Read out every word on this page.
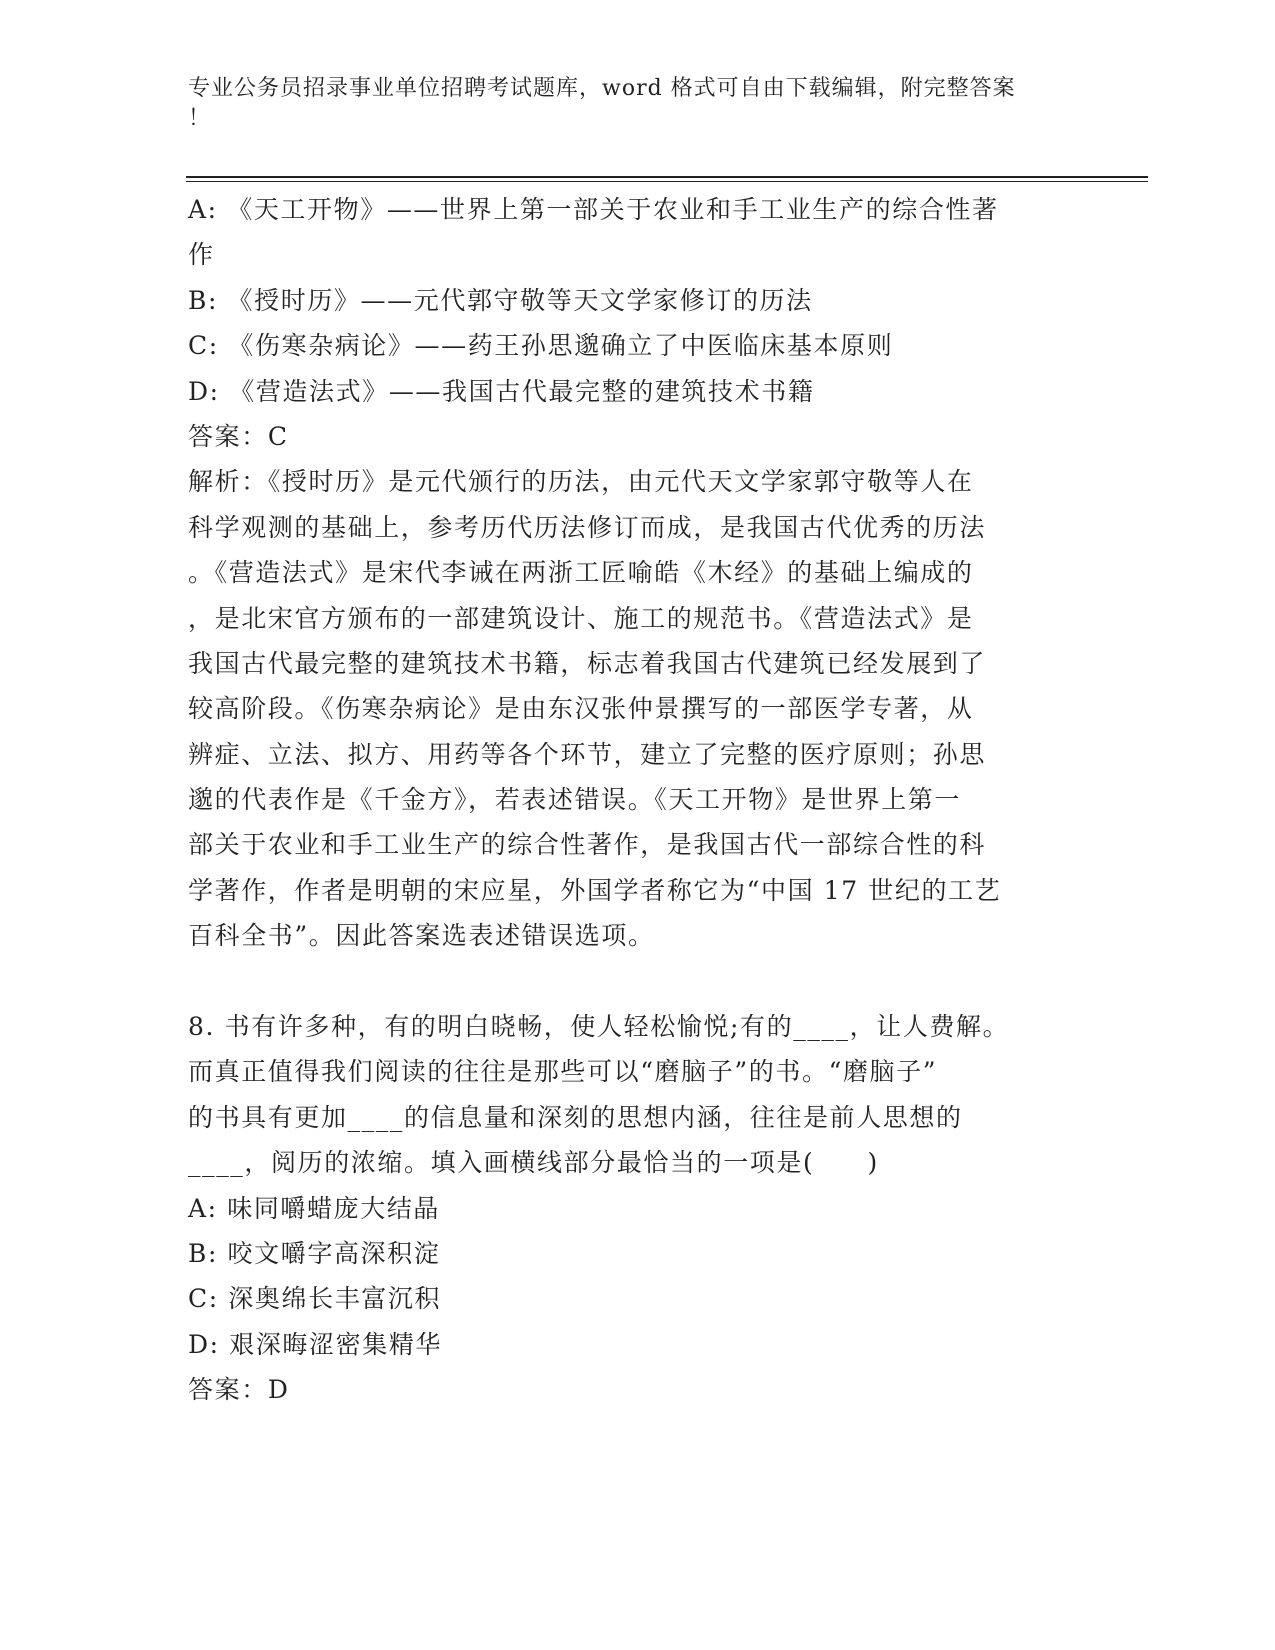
专业公务员招录事业单位招聘考试题库，word 格式可自由下载编辑，附完整答案
！
A: 《天工开物》——世界上第一部关于农业和手工业生产的综合性著
作
B: 《授时历》——元代郭守敬等天文学家修订的历法
C: 《伤寒杂病论》——药王孙思邈确立了中医临床基本原则
D: 《营造法式》——我国古代最完整的建筑技术书籍
答案：C
解析：《授时历》是元代颁行的历法，由元代天文学家郭守敬等人在
科学观测的基础上，参考历代历法修订而成，是我国古代优秀的历法
。《营造法式》是宋代李诫在两浙工匠喻皓《木经》的基础上编成的
，是北宋官方颁布的一部建筑设计、施工的规范书。《营造法式》是
我国古代最完整的建筑技术书籍，标志着我国古代建筑已经发展到了
较高阶段。《伤寒杂病论》是由东汉张仲景撰写的一部医学专著，从
辨症、立法、拟方、用药等各个环节，建立了完整的医疗原则；孙思
邈的代表作是《千金方》，若表述错误。《天工开物》是世界上第一
部关于农业和手工业生产的综合性著作，是我国古代一部综合性的科
学著作，作者是明朝的宋应星，外国学者称它为“中国 17 世纪的工艺
百科全书”。因此答案选表述错误选项。
8. 书有许多种，有的明白晓畅，使人轻松愉悦;有的____，让人费解。
而真正值得我们阅读的往往是那些可以“磨脑子”的书。“磨脑子”
的书具有更加____的信息量和深刻的思想内涵，往往是前人思想的
____，阅历的浓缩。填入画横线部分最恰当的一项是(　　)
A: 味同嚼蜡庞大结晶
B: 咬文嚼字高深积淀
C: 深奥绵长丰富沉积
D: 艰深晦涩密集精华
答案：D
